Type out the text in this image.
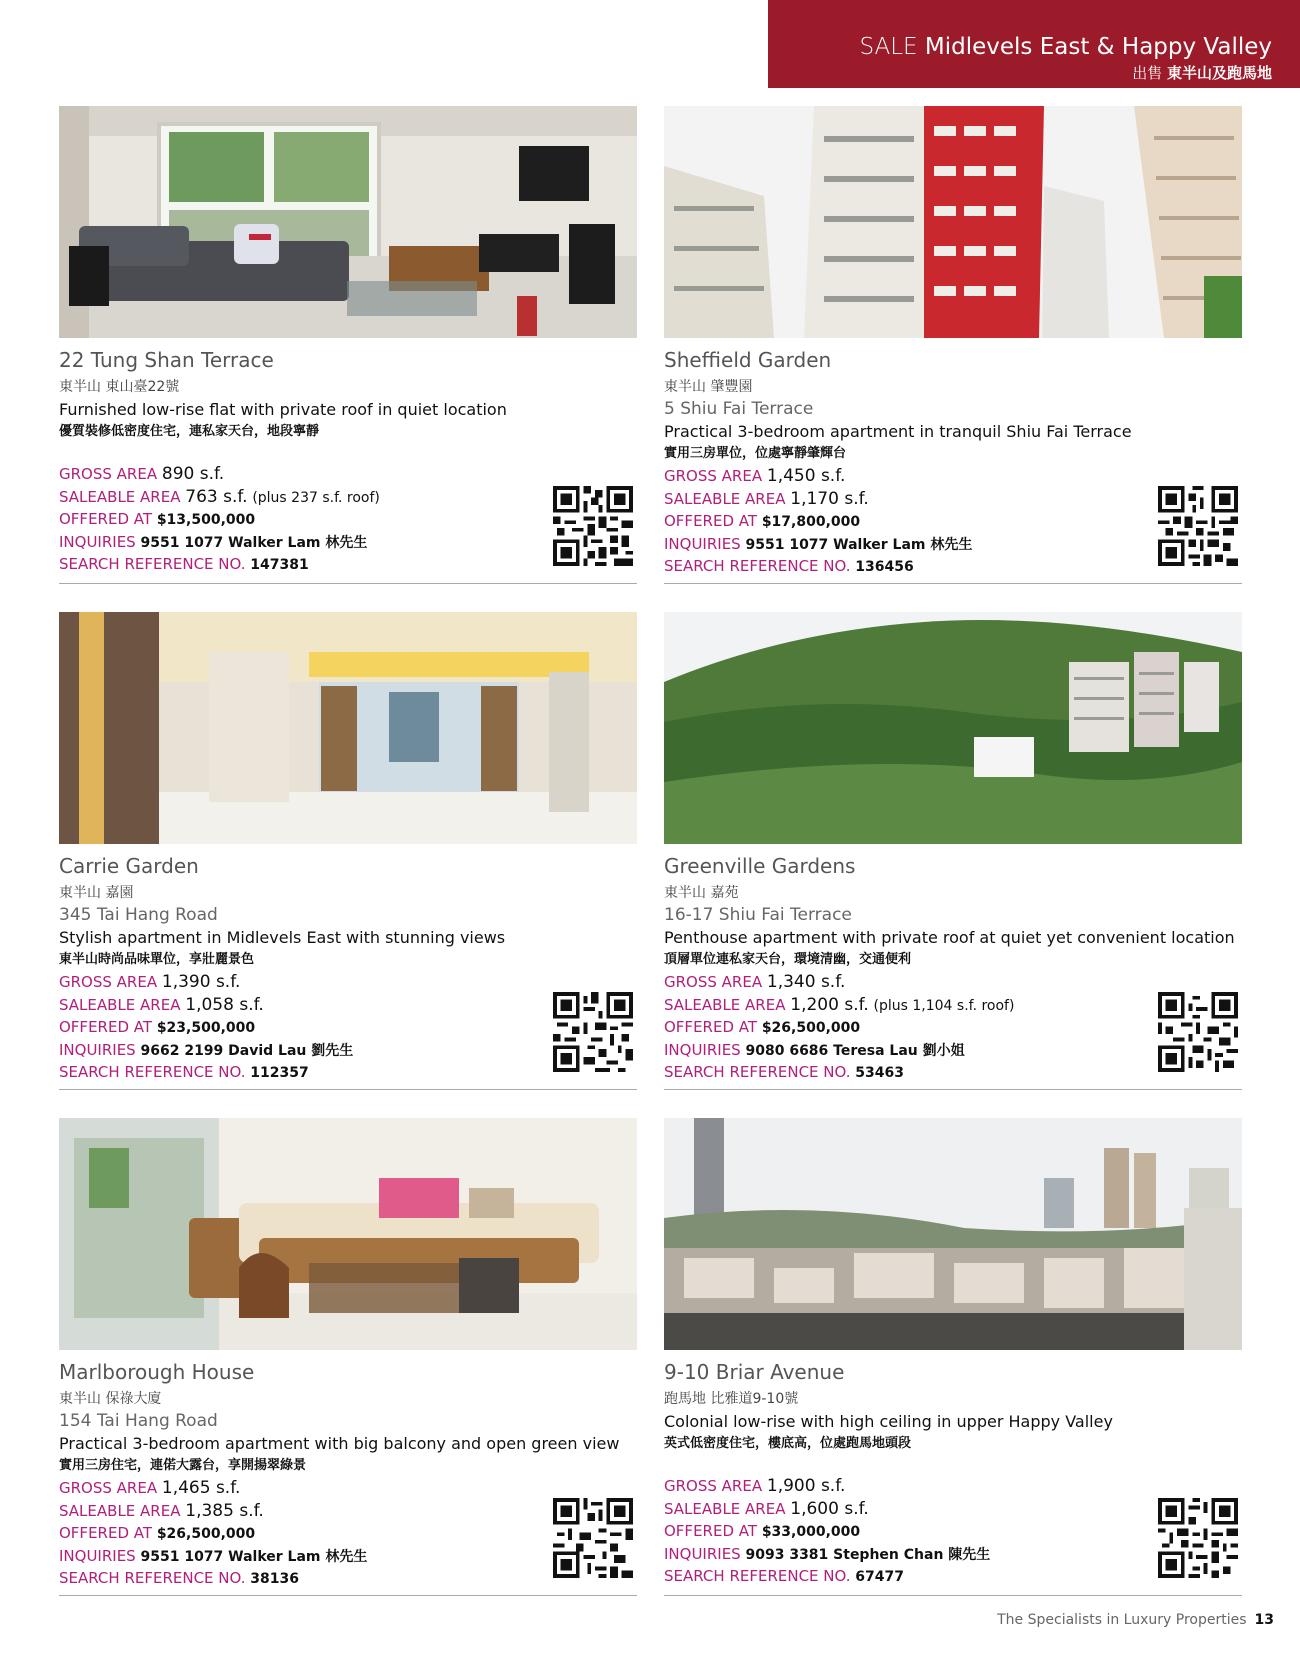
SALE Midlevels East & Happy Valley
出售 東半山及跑馬地
22 Tung Shan Terrace
東半山 東山臺22號
Furnished low-rise flat with private roof in quiet location
優質裝修低密度住宅，連私家天台，地段寧靜
GROSS AREA 890 s.f.
SALEABLE AREA 763 s.f. (plus 237 s.f. roof)
OFFERED AT $13,500,000
INQUIRIES 9551 1077 Walker Lam 林先生
SEARCH REFERENCE NO. 147381
Sheffield Garden
東半山 肇豐園
5 Shiu Fai Terrace
Practical 3-bedroom apartment in tranquil Shiu Fai Terrace
實用三房單位，位處寧靜肇輝台
GROSS AREA 1,450 s.f.
SALEABLE AREA 1,170 s.f.
OFFERED AT $17,800,000
INQUIRIES 9551 1077 Walker Lam 林先生
SEARCH REFERENCE NO. 136456
Carrie Garden
東半山 嘉園
345 Tai Hang Road
Stylish apartment in Midlevels East with stunning views
東半山時尚品味單位，享壯麗景色
GROSS AREA 1,390 s.f.
SALEABLE AREA 1,058 s.f.
OFFERED AT $23,500,000
INQUIRIES 9662 2199 David Lau 劉先生
SEARCH REFERENCE NO. 112357
Greenville Gardens
東半山 嘉苑
16-17 Shiu Fai Terrace
Penthouse apartment with private roof at quiet yet convenient location
頂層單位連私家天台，環境清幽，交通便利
GROSS AREA 1,340 s.f.
SALEABLE AREA 1,200 s.f. (plus 1,104 s.f. roof)
OFFERED AT $26,500,000
INQUIRIES 9080 6686 Teresa Lau 劉小姐
SEARCH REFERENCE NO. 53463
Marlborough House
東半山 保祿大廈
154 Tai Hang Road
Practical 3-bedroom apartment with big balcony and open green view
實用三房住宅，連偌大露台，享開揚翠綠景
GROSS AREA 1,465 s.f.
SALEABLE AREA 1,385 s.f.
OFFERED AT $26,500,000
INQUIRIES 9551 1077 Walker Lam 林先生
SEARCH REFERENCE NO. 38136
9-10 Briar Avenue
跑馬地 比雅道9-10號
Colonial low-rise with high ceiling in upper Happy Valley
英式低密度住宅，樓底高，位處跑馬地頭段
GROSS AREA 1,900 s.f.
SALEABLE AREA 1,600 s.f.
OFFERED AT $33,000,000
INQUIRIES 9093 3381 Stephen Chan 陳先生
SEARCH REFERENCE NO. 67477
The Specialists in Luxury Properties 13
